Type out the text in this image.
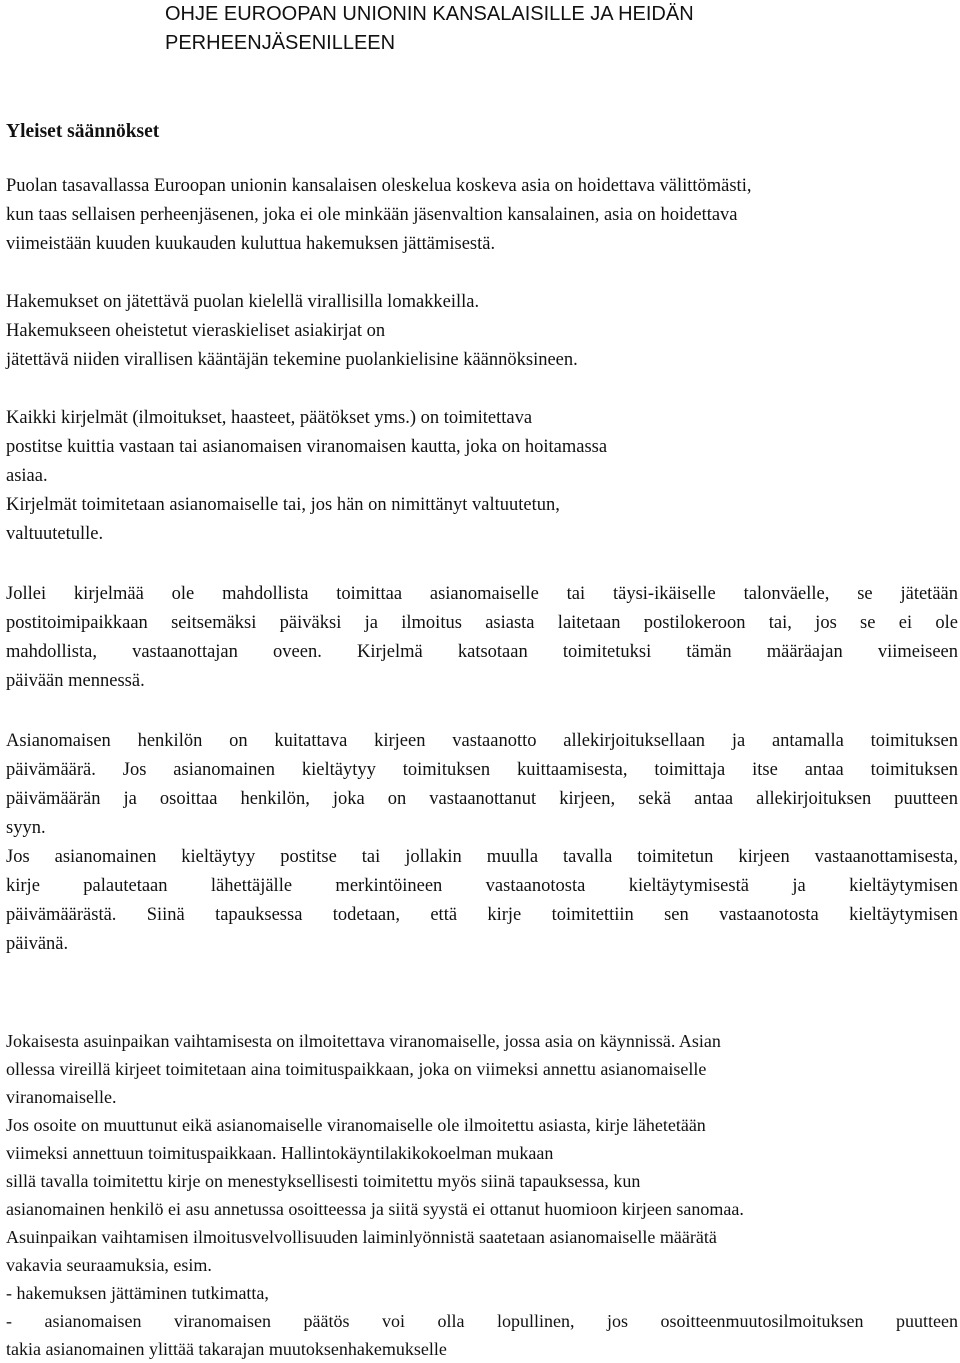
OHJE EUROOPAN UNIONIN KANSALAISILLE JA HEIDÄN
PERHEENJÄSENILLEEN
Yleiset säännökset
Puolan tasavallassa Euroopan unionin kansalaisen oleskelua koskeva asia on hoidettava välittömästi,
kun taas sellaisen perheenjäsenen, joka ei ole minkään jäsenvaltion kansalainen, asia on hoidettava
viimeistään kuuden kuukauden kuluttua hakemuksen jättämisestä.
Hakemukset on jätettävä puolan kielellä virallisilla lomakkeilla.
Hakemukseen oheistetut vieraskieliset asiakirjat on
jätettävä niiden virallisen kääntäjän tekemine puolankielisine käännöksineen.
Kaikki kirjelmät (ilmoitukset, haasteet, päätökset yms.) on toimitettava
postitse kuittia vastaan tai asianomaisen viranomaisen kautta, joka on hoitamassa
asiaa.
Kirjelmät toimitetaan asianomaiselle tai, jos hän on nimittänyt valtuutetun,
valtuutetulle.
Jollei kirjelmää ole mahdollista toimittaa asianomaiselle tai täysi-ikäiselle talonväelle, se jätetään
postitoimipaikkaan seitsemäksi päiväksi ja ilmoitus asiasta laitetaan postilokeroon tai, jos se ei ole
mahdollista, vastaanottajan oveen. Kirjelmä katsotaan toimitetuksi tämän määräajan viimeiseen
päivään mennessä.
Asianomaisen henkilön on kuitattava kirjeen vastaanotto allekirjoituksellaan ja antamalla toimituksen
päivämäärä. Jos asianomainen kieltäytyy toimituksen kuittaamisesta, toimittaja itse antaa toimituksen
päivämäärän ja osoittaa henkilön, joka on vastaanottanut kirjeen, sekä antaa allekirjoituksen puutteen
syyn.
Jos asianomainen kieltäytyy postitse tai jollakin muulla tavalla toimitetun kirjeen vastaanottamisesta,
kirje palautetaan lähettäjälle merkintöineen vastaanotosta kieltäytymisestä ja kieltäytymisen
päivämäärästä. Siinä tapauksessa todetaan, että kirje toimitettiin sen vastaanotosta kieltäytymisen
päivänä.
Jokaisesta asuinpaikan vaihtamisesta on ilmoitettava viranomaiselle, jossa asia on käynnissä. Asian
ollessa vireillä kirjeet toimitetaan aina toimituspaikkaan, joka on viimeksi annettu asianomaiselle
viranomaiselle.
Jos osoite on muuttunut eikä asianomaiselle viranomaiselle ole ilmoitettu asiasta, kirje lähetetään
viimeksi annettuun toimituspaikkaan. Hallintokäyntilakikokoelman mukaan
sillä tavalla toimitettu kirje on menestyksellisesti toimitettu myös siinä tapauksessa, kun
asianomainen henkilö ei asu annetussa osoitteessa ja siitä syystä ei ottanut huomioon kirjeen sanomaa.
Asuinpaikan vaihtamisen ilmoitusvelvollisuuden laiminlyönnistä saatetaan asianomaiselle määrätä
vakavia seuraamuksia, esim.
- hakemuksen jättäminen tutkimatta,
- asianomaisen viranomaisen päätös voi olla lopullinen, jos osoitteenmuutosilmoituksen puutteen
takia asianomainen ylittää takarajan muutoksenhakemukselle
